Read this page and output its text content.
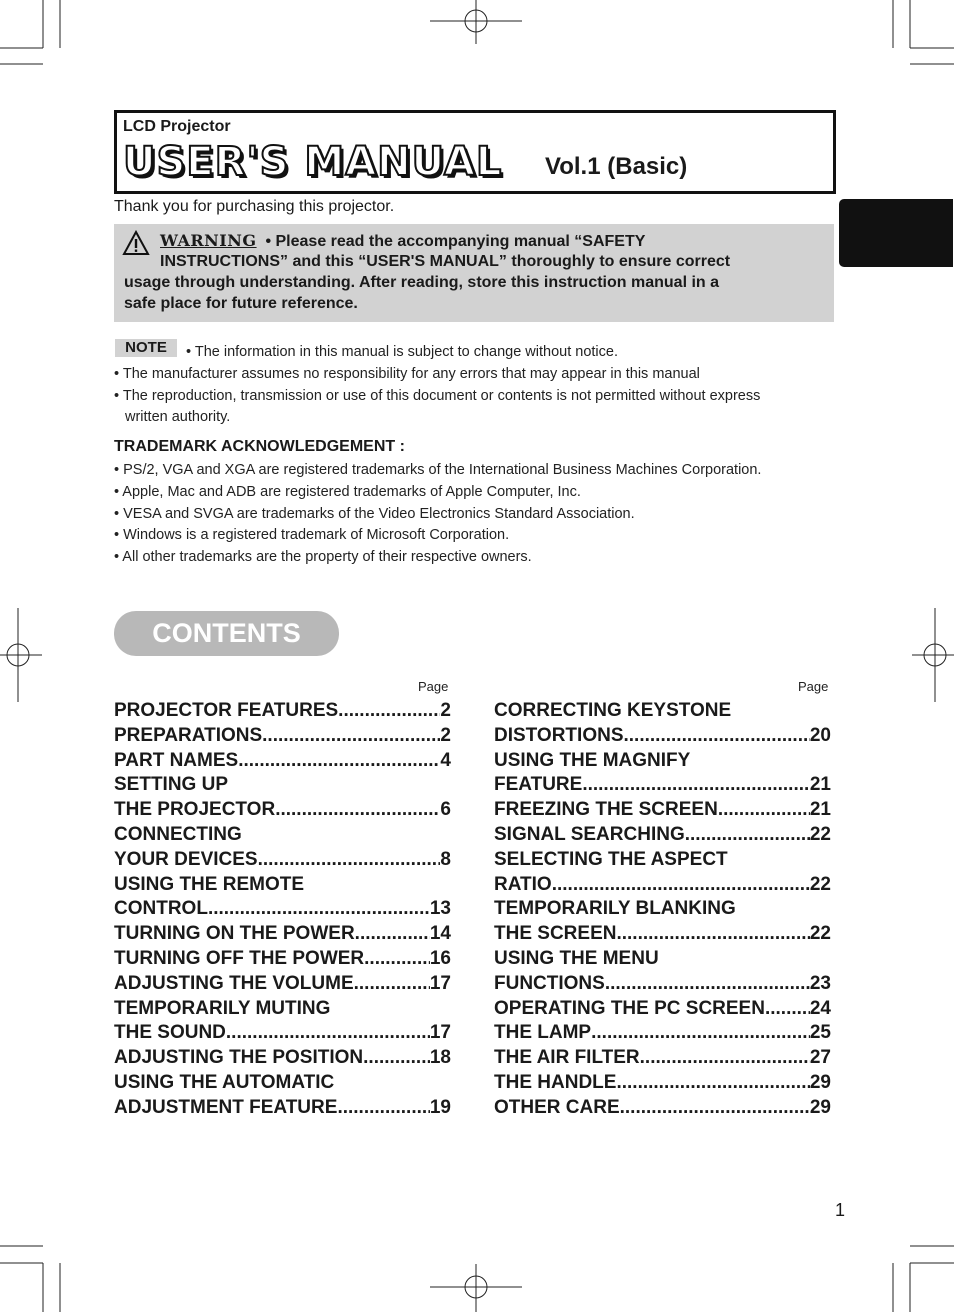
LCD Projector
USER'S MANUAL Vol.1 (Basic)
Thank you for purchasing this projector.
WARNING • Please read the accompanying manual “SAFETY
INSTRUCTIONS” and this “USER'S MANUAL” thoroughly to ensure correct
usage through understanding. After reading, store this instruction manual in a
safe place for future reference.
NOTE	• The information in this manual is subject to change without notice.
• The manufacturer assumes no responsibility for any errors that may appear in this manual
• The reproduction, transmission or use of this document or contents is not permitted without express
written authority.
TRADEMARK ACKNOWLEDGEMENT :
• PS/2, VGA and XGA are registered trademarks of the International Business Machines Corporation.
• Apple, Mac and ADB are registered trademarks of Apple Computer, Inc.
• VESA and SVGA are trademarks of the Video Electronics Standard Association.
• Windows is a registered trademark of Microsoft Corporation.
• All other trademarks are the property of their respective owners.
CONTENTS
Page	Page
PROJECTOR FEATURES .....	2
PREPARATIONS .....	2
PART NAMES .....	4
SETTING UP
THE PROJECTOR .....	6
CONNECTING
YOUR DEVICES .....	8
USING THE REMOTE
CONTROL .....	13
TURNING ON THE POWER .....	14
TURNING OFF THE POWER .....	16
ADJUSTING THE VOLUME .....	17
TEMPORARILY MUTING
THE SOUND .....	17
ADJUSTING THE POSITION .....	18
USING THE AUTOMATIC
ADJUSTMENT FEATURE .....	19
CORRECTING KEYSTONE
DISTORTIONS .....	20
USING THE MAGNIFY
FEATURE .....	21
FREEZING THE SCREEN .....	21
SIGNAL SEARCHING .....	22
SELECTING THE ASPECT
RATIO .....	22
TEMPORARILY BLANKING
THE SCREEN .....	22
USING THE MENU
FUNCTIONS .....	23
OPERATING THE PC SCREEN ..... 24
THE LAMP .....	25
THE AIR FILTER .....	27
THE HANDLE .....	29
OTHER CARE .....	29
1
